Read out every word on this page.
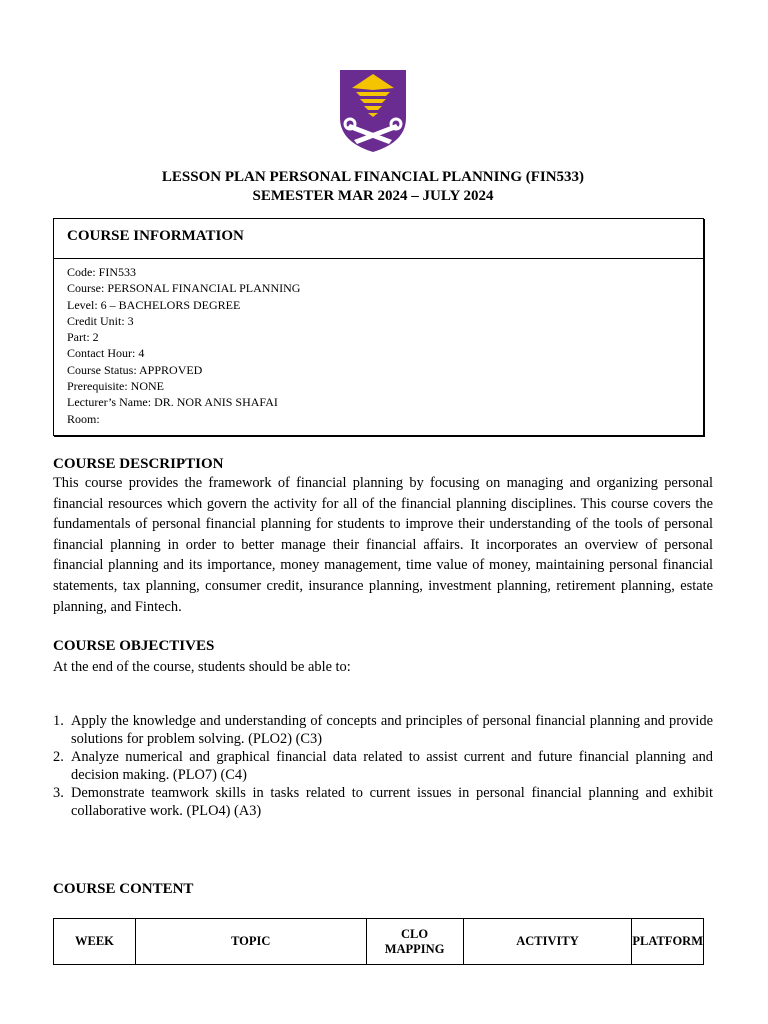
LESSON PLAN PERSONAL FINANCIAL PLANNING (FIN533)
SEMESTER MAR 2024 – JULY 2024
COURSE INFORMATION
Code: FIN533
Course: PERSONAL FINANCIAL PLANNING
Level: 6 – BACHELORS DEGREE
Credit Unit: 3
Part: 2
Contact Hour: 4
Course Status: APPROVED
Prerequisite: NONE
Lecturer’s Name: DR. NOR ANIS SHAFAI
Room:
COURSE DESCRIPTION
This course provides the framework of financial planning by focusing on managing and organizing personal financial resources which govern the activity for all of the financial planning disciplines. This course covers the fundamentals of personal financial planning for students to improve their understanding of the tools of personal financial planning in order to better manage their financial affairs. It incorporates an overview of personal financial planning and its importance, money management, time value of money, maintaining personal financial statements, tax planning, consumer credit, insurance planning, investment planning, retirement planning, estate planning, and Fintech.
COURSE OBJECTIVES
At the end of the course, students should be able to:
1. Apply the knowledge and understanding of concepts and principles of personal financial planning and provide solutions for problem solving. (PLO2) (C3)
2. Analyze numerical and graphical financial data related to assist current and future financial planning and decision making. (PLO7) (C4)
3. Demonstrate teamwork skills in tasks related to current issues in personal financial planning and exhibit collaborative work. (PLO4) (A3)
COURSE CONTENT
WEEK	TOPIC	CLO MAPPING	ACTIVITY	PLATFORM
